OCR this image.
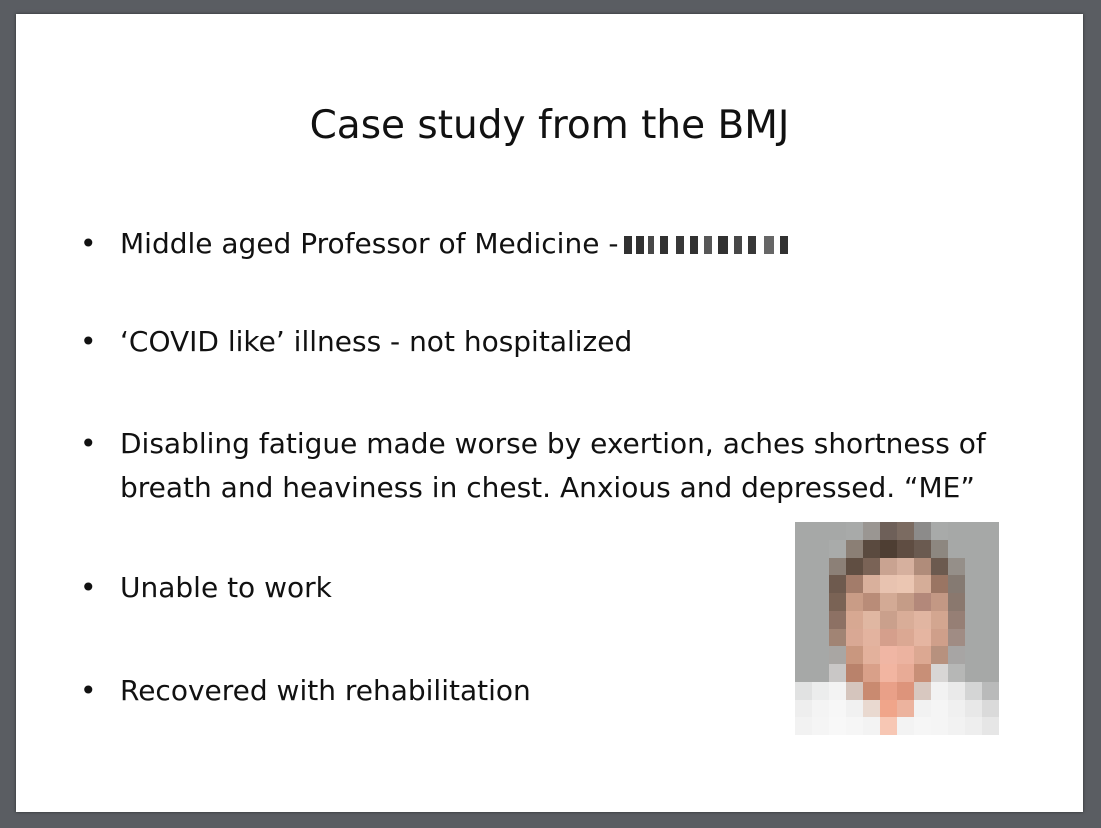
Case study from the BMJ
• Middle aged Professor of Medicine -
• ‘COVID like’ illness - not hospitalized
• Disabling fatigue made worse by exertion, aches shortness of breath and heaviness in chest. Anxious and depressed. “ME”
• Unable to work
• Recovered with rehabilitation
